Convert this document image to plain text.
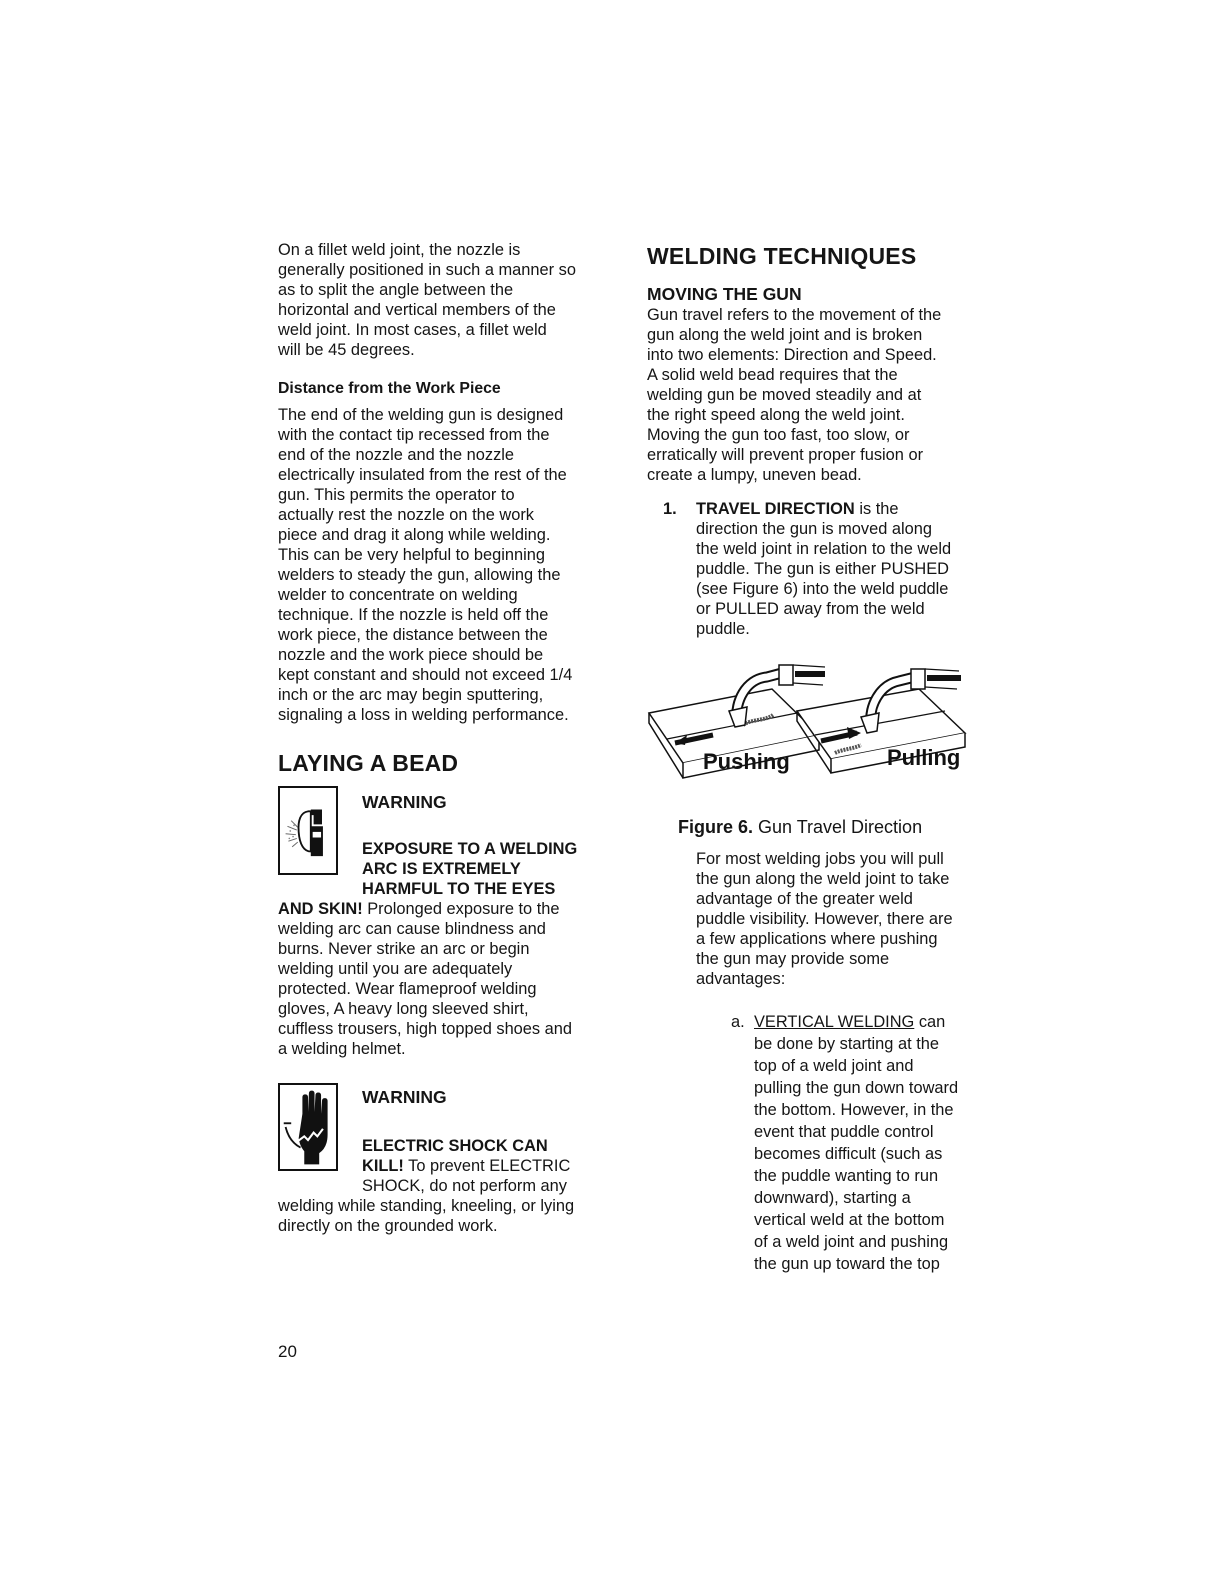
On a fillet weld joint, the nozzle is

generally positioned in such a manner so

as to split the angle between the

horizontal and vertical members of the

weld joint. In most cases, a fillet weld

will be 45 degrees.

Distance from the Work Piece

The end of the welding gun is designed

with the contact tip recessed from the

end of the nozzle and the nozzle

electrically insulated from the rest of the

gun. This permits the operator to

actually rest the nozzle on the work

piece and drag it along while welding.

This can be very helpful to beginning

welders to steady the gun, allowing the

welder to concentrate on welding

technique. If the nozzle is held off the

work piece, the distance between the

nozzle and the work piece should be

kept constant and should not exceed 1/4

inch or the arc may begin sputtering,

signaling a loss in welding performance.

LAYING A BEAD
WARNING

EXPOSURE TO A WELDING

ARC IS EXTREMELY

HARMFUL TO THE EYES

AND SKIN! Prolonged exposure to the

welding arc can cause blindness and

burns. Never strike an arc or begin

welding until you are adequately

protected. Wear flameproof welding

gloves, A heavy long sleeved shirt,

cuffless trousers, high topped shoes and

a welding helmet.

WARNING

ELECTRIC SHOCK CAN

KILL! To prevent ELECTRIC

SHOCK, do not perform any

welding while standing, kneeling, or lying

directly on the grounded work.

WELDING TECHNIQUES
MOVING THE GUN

Gun travel refers to the movement of the

gun along the weld joint and is broken

into two elements: Direction and Speed.

A solid weld bead requires that the

welding gun be moved steadily and at

the right speed along the weld joint.

Moving the gun too fast, too slow, or

erratically will prevent proper fusion or

create a lumpy, uneven bead.

1. TRAVEL DIRECTION is the

direction the gun is moved along

the weld joint in relation to the weld

puddle. The gun is either PUSHED

(see Figure 6) into the weld puddle

or PULLED away from the weld

puddle.

Pushing	Pulling
Figure 6. Gun Travel Direction

For most welding jobs you will pull

the gun along the weld joint to take

advantage of the greater weld

puddle visibility. However, there are

a few applications where pushing

the gun may provide some

advantages:

a. VERTICAL WELDING can

be done by starting at the

top of a weld joint and

pulling the gun down toward

the bottom. However, in the

event that puddle control

becomes difficult (such as

the puddle wanting to run

downward), starting a

vertical weld at the bottom

of a weld joint and pushing

the gun up toward the top

20
